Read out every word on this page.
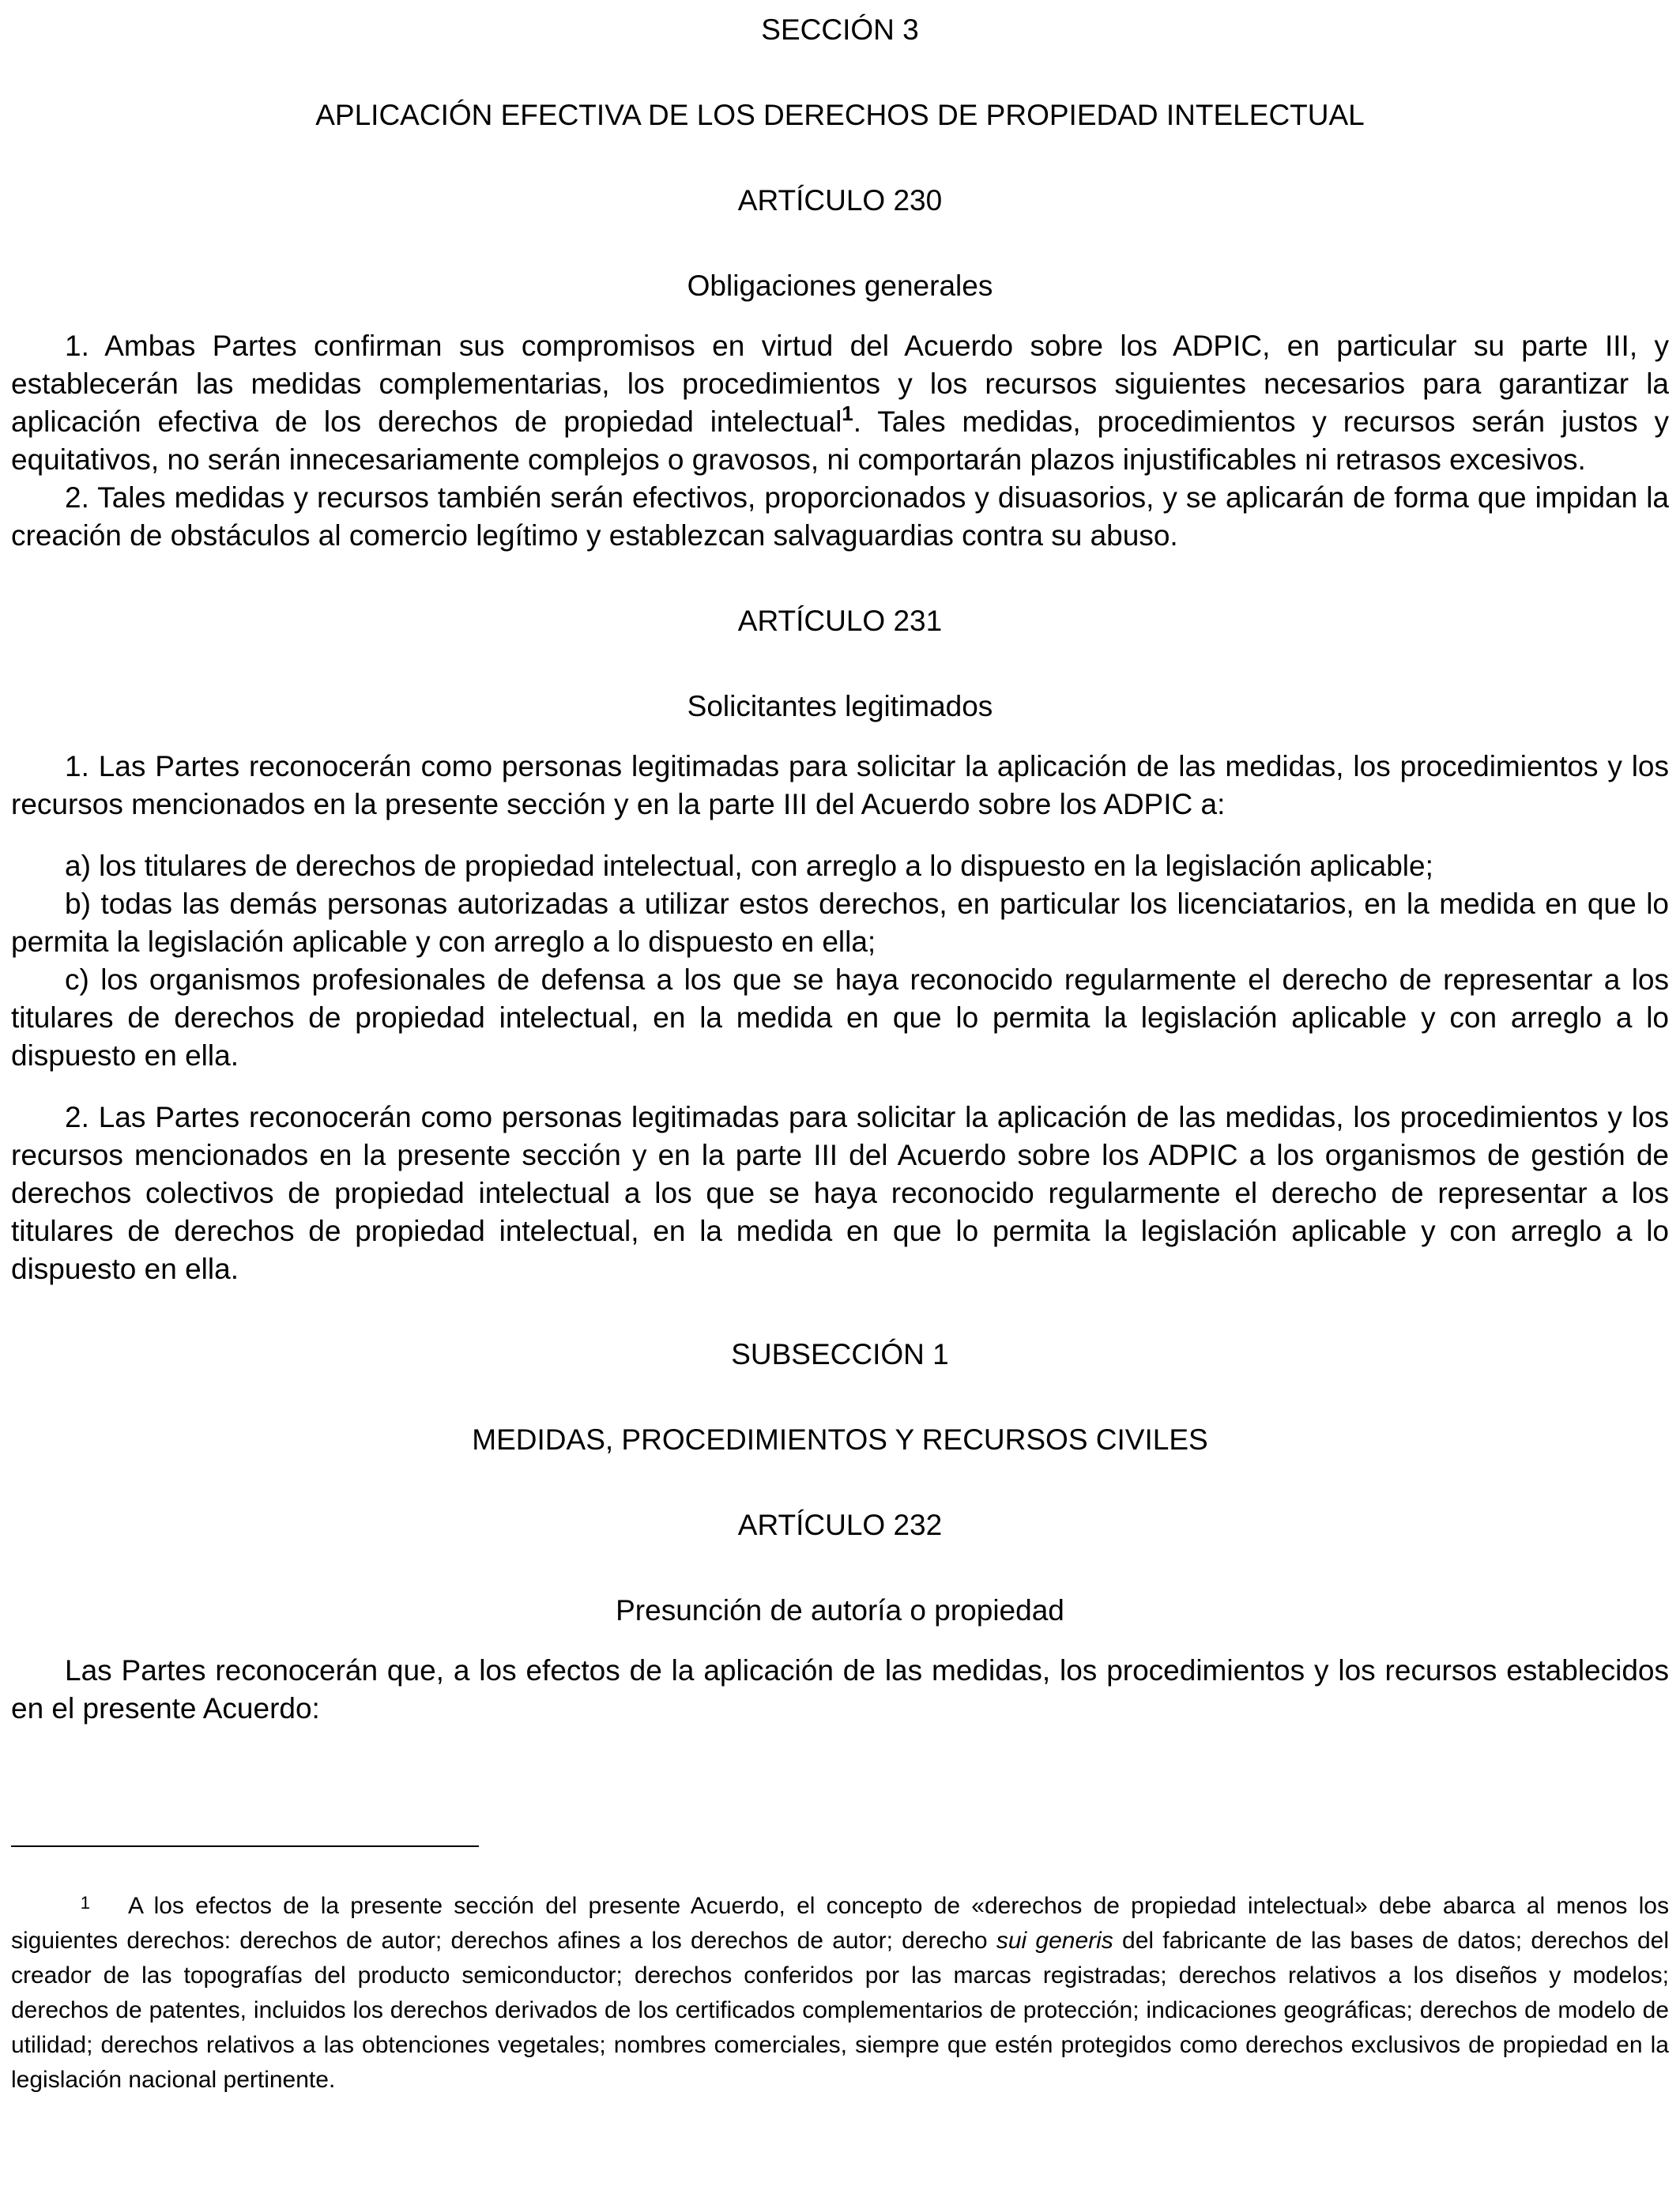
SECCIÓN 3

APLICACIÓN EFECTIVA DE LOS DERECHOS DE PROPIEDAD INTELECTUAL

ARTÍCULO 230

Obligaciones generales

1. Ambas Partes confirman sus compromisos en virtud del Acuerdo sobre los ADPIC, en particular su parte III, y establecerán las medidas complementarias, los procedimientos y los recursos siguientes necesarios para garantizar la aplicación efectiva de los derechos de propiedad intelectual$^1$. Tales medidas, procedimientos y recursos serán justos y equitativos, no serán innecesariamente complejos o gravosos, ni comportarán plazos injustificables ni retrasos excesivos.

2. Tales medidas y recursos también serán efectivos, proporcionados y disuasorios, y se aplicarán de forma que impidan la creación de obstáculos al comercio legítimo y establezcan salvaguardias contra su abuso.

ARTÍCULO 231

Solicitantes legitimados

1. Las Partes reconocerán como personas legitimadas para solicitar la aplicación de las medidas, los procedimientos y los recursos mencionados en la presente sección y en la parte III del Acuerdo sobre los ADPIC a:

a) los titulares de derechos de propiedad intelectual, con arreglo a lo dispuesto en la legislación aplicable;

b) todas las demás personas autorizadas a utilizar estos derechos, en particular los licenciatarios, en la medida en que lo permita la legislación aplicable y con arreglo a lo dispuesto en ella;

c) los organismos profesionales de defensa a los que se haya reconocido regularmente el derecho de representar a los titulares de derechos de propiedad intelectual, en la medida en que lo permita la legislación aplicable y con arreglo a lo dispuesto en ella.

2. Las Partes reconocerán como personas legitimadas para solicitar la aplicación de las medidas, los procedimientos y los recursos mencionados en la presente sección y en la parte III del Acuerdo sobre los ADPIC a los organismos de gestión de derechos colectivos de propiedad intelectual a los que se haya reconocido regularmente el derecho de representar a los titulares de derechos de propiedad intelectual, en la medida en que lo permita la legislación aplicable y con arreglo a lo dispuesto en ella.

SUBSECCIÓN 1

MEDIDAS, PROCEDIMIENTOS Y RECURSOS CIVILES

ARTÍCULO 232

Presunción de autoría o propiedad

Las Partes reconocerán que, a los efectos de la aplicación de las medidas, los procedimientos y los recursos establecidos en el presente Acuerdo:

1 A los efectos de la presente sección del presente Acuerdo, el concepto de «derechos de propiedad intelectual» debe abarca al menos los siguientes derechos: derechos de autor; derechos afines a los derechos de autor; derecho sui generis del fabricante de las bases de datos; derechos del creador de las topografías del producto semiconductor; derechos conferidos por las marcas registradas; derechos relativos a los diseños y modelos; derechos de patentes, incluidos los derechos derivados de los certificados complementarios de protección; indicaciones geográficas; derechos de modelo de utilidad; derechos relativos a las obtenciones vegetales; nombres comerciales, siempre que estén protegidos como derechos exclusivos de propiedad en la legislación nacional pertinente.
